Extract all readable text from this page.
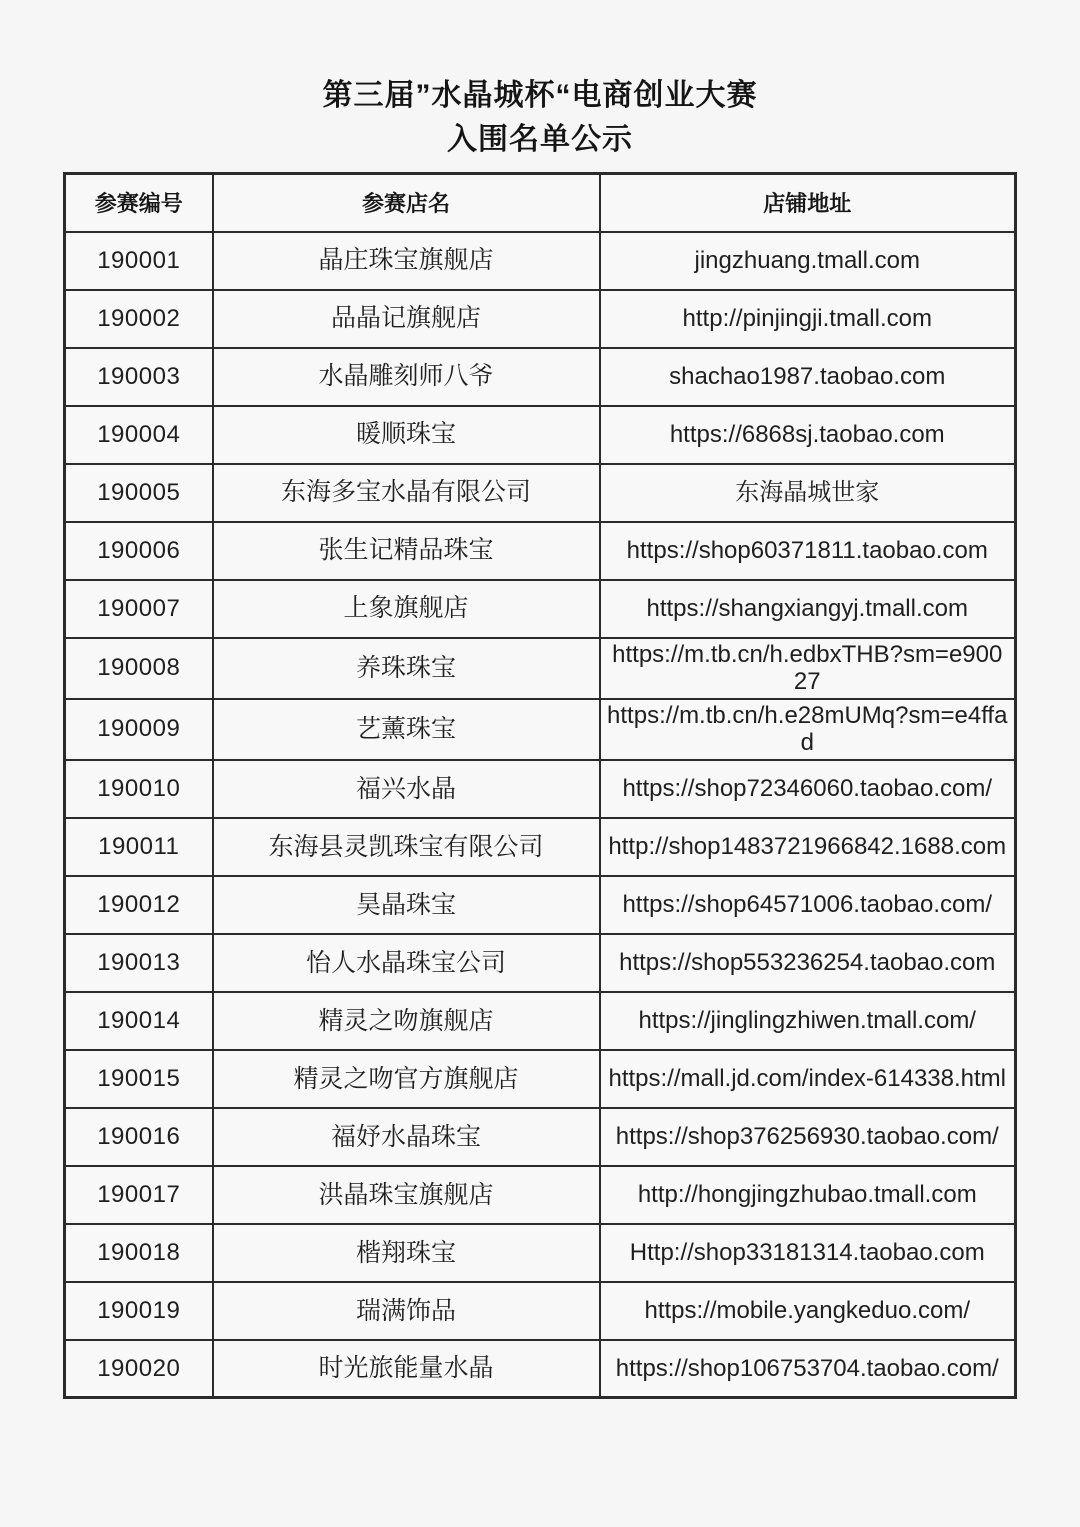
第三届”水晶城杯“电商创业大赛
入围名单公示
参赛编号	参赛店名	店铺地址
190001	晶庄珠宝旗舰店	jingzhuang.tmall.com
190002	品晶记旗舰店	http://pinjingji.tmall.com
190003	水晶雕刻师八爷	shachao1987.taobao.com
190004	暖顺珠宝	https://6868sj.taobao.com
190005	东海多宝水晶有限公司	东海晶城世家
190006	张生记精品珠宝	https://shop60371811.taobao.com
190007	上象旗舰店	https://shangxiangyj.tmall.com
190008	养珠珠宝	https://m.tb.cn/h.edbxTHB?sm=e90027
190009	艺薰珠宝	https://m.tb.cn/h.e28mUMq?sm=e4ffad
190010	福兴水晶	https://shop72346060.taobao.com/
190011	东海县灵凯珠宝有限公司	http://shop1483721966842.1688.com
190012	昊晶珠宝	https://shop64571006.taobao.com/
190013	怡人水晶珠宝公司	https://shop553236254.taobao.com
190014	精灵之吻旗舰店	https://jinglingzhiwen.tmall.com/
190015	精灵之吻官方旗舰店	https://mall.jd.com/index-614338.html
190016	福妤水晶珠宝	https://shop376256930.taobao.com/
190017	洪晶珠宝旗舰店	http://hongjingzhubao.tmall.com
190018	楷翔珠宝	Http://shop33181314.taobao.com
190019	瑞满饰品	https://mobile.yangkeduo.com/
190020	时光旅能量水晶	https://shop106753704.taobao.com/
